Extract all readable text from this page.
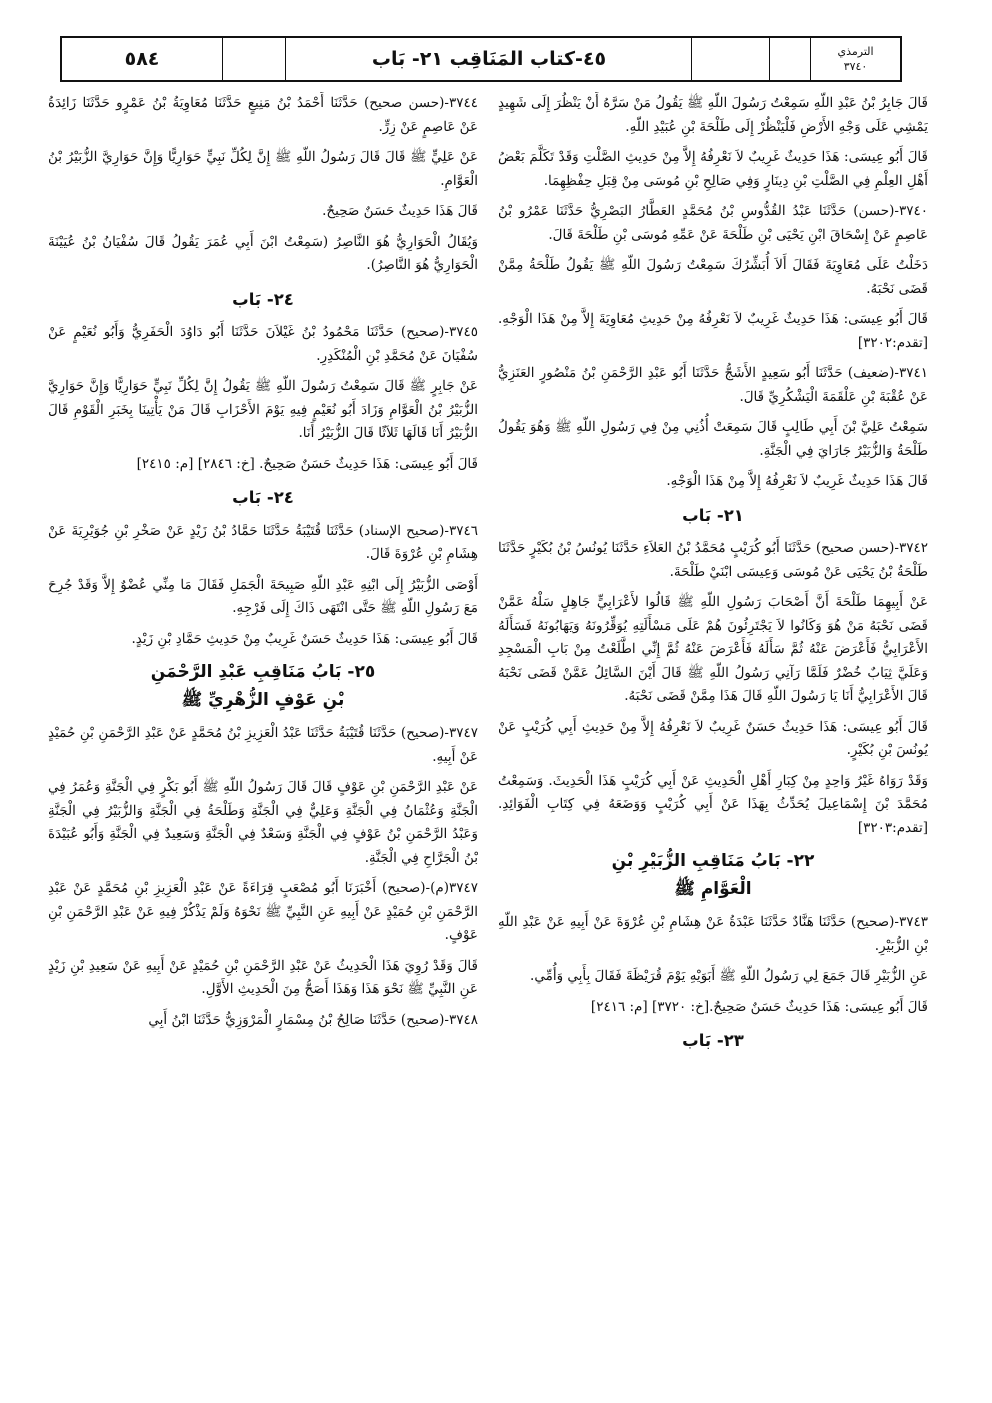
الترمذي
٣٧٤٠
٤٥-كتاب المَنَاقِب ٢١- بَاب
٥٨٤

قَالَ جَابِرُ بْنُ عَبْدِ اللّهِ سَمِعْتُ رَسُولَ اللّهِ ﷺ يَقُولُ مَنْ سَرَّهُ أَنْ يَنْظُرَ إِلَى شَهِيدٍ يَمْشِي عَلَى وَجْهِ الأَرْضِ فَلْيَنْظُرْ إِلَى طَلْحَةَ بْنِ عُبَيْدِ اللّهِ.

قَالَ أَبُو عِيسَى: هَذَا حَدِيثٌ غَرِيبٌ لاَ نَعْرِفُهُ إِلاَّ مِنْ حَدِيثِ الصَّلْتِ وَقَدْ تَكَلَّمَ بَعْضُ أَهْلِ العِلْمِ فِي الصَّلْتِ بْنِ دِينَارٍ وَفِي صَالِحِ بْنِ مُوسَى مِنْ قِبَلِ حِفْظِهِمَا.

٣٧٤٠-(حسن) حَدَّثَنَا عَبْدُ القُدُّوسِ بْنُ مُحَمَّدٍ العَطَّارُ البَصْرِيُّ حَدَّثَنَا عَمْرُو بْنُ عَاصِمٍ عَنْ إِسْحَاقَ ابْنِ يَحْيَى بْنِ طَلْحَةَ عَنْ عَمِّهِ مُوسَى بْنِ طَلْحَةَ قَالَ.

دَخَلْتُ عَلَى مُعَاوِيَةَ فَقَالَ أَلاَ أُبَشِّرُكَ سَمِعْتُ رَسُولَ اللّهِ ﷺ يَقُولُ طَلْحَةُ مِمَّنْ قَضَى نَحْبَهُ.

قَالَ أَبُو عِيسَى: هَذَا حَدِيثٌ غَرِيبٌ لاَ نَعْرِفُهُ مِنْ حَدِيثِ مُعَاوِيَةَ إِلاَّ مِنْ هَذَا الْوَجْهِ. [تقدم:٣٢٠٢]

٣٧٤١-(ضعيف) حَدَّثَنَا أَبُو سَعِيدٍ الأَشَجُّ حَدَّثَنَا أَبُو عَبْدِ الرَّحْمَنِ بْنُ مَنْصُورٍ العَنَزِيُّ عَنْ عُقْبَةَ بْنِ عَلْقَمَةَ الْيَشْكُرِيِّ قَالَ.

سَمِعْتُ عَلِيَّ بْنَ أَبِي طَالِبٍ قَالَ سَمِعَتْ أُذُنِي مِنْ فِي رَسُولِ اللّهِ ﷺ وَهُوَ يَقُولُ طَلْحَةُ وَالزُّبَيْرُ جَارَايَ فِي الْجَنَّةِ.

قَالَ هَذَا حَدِيثٌ غَرِيبٌ لاَ نَعْرِفُهُ إِلاَّ مِنْ هَذَا الْوَجْهِ.

٢١- بَاب

٣٧٤٢-(حسن صحيح) حَدَّثَنَا أَبُو كُرَيْبٍ مُحَمَّدُ بْنُ العَلاَءِ حَدَّثَنَا يُونُسُ بْنُ بُكَيْرٍ حَدَّثَنَا طَلْحَةُ بْنُ يَحْيَى عَنْ مُوسَى وَعِيسَى ابْنَيْ طَلْحَةَ.

عَنْ أَبِيهِمَا طَلْحَةَ أَنَّ أَصْحَابَ رَسُولِ اللّهِ ﷺ قَالُوا لأَعْرَابِيٍّ جَاهِلٍ سَلْهُ عَمَّنْ قَضَى نَحْبَهُ مَنْ هُوَ وَكَانُوا لاَ يَجْتَرِئُونَ هُمْ عَلَى مَسْأَلَتِهِ يُوَقِّرُونَهُ وَيَهَابُونَهُ فَسَأَلَهُ الأَعْرَابِيُّ فَأَعْرَضَ عَنْهُ ثُمَّ سَأَلَهُ فَأَعْرَضَ عَنْهُ ثُمَّ إِنِّي اطَّلَعْتُ مِنْ بَابِ الْمَسْجِدِ وَعَلَيَّ ثِيَابٌ خُضْرٌ فَلَمَّا رَآنِي رَسُولُ اللّهِ ﷺ قَالَ أَيْنَ السَّائِلُ عَمَّنْ قَضَى نَحْبَهُ قَالَ الأَعْرَابِيُّ أَنَا يَا رَسُولَ اللّهِ قَالَ هَذَا مِمَّنْ قَضَى نَحْبَهُ.

قَالَ أَبُو عِيسَى: هَذَا حَدِيثٌ حَسَنٌ غَرِيبٌ لاَ نَعْرِفُهُ إِلاَّ مِنْ حَدِيثِ أَبِي كُرَيْبٍ عَنْ يُونُسَ بْنِ بُكَيْرٍ.

وَقَدْ رَوَاهُ غَيْرُ وَاحِدٍ مِنْ كِبَارِ أَهْلِ الْحَدِيثِ عَنْ أَبِي كُرَيْبٍ هَذَا الْحَدِيثَ. وَسَمِعْتُ مُحَمَّدَ بْنَ إِسْمَاعِيلَ يُحَدِّثُ بِهَذَا عَنْ أَبِي كُرَيْبٍ وَوَضَعَهُ فِي كِتَابِ الْفَوَائِدِ. [تقدم:٣٢٠٣]

٢٢- بَابُ مَنَاقِبِ الزُّبَيْرِ بْنِ
الْعَوَّامِ ﷺ

٣٧٤٣-(صحيح) حَدَّثَنَا هَنَّادٌ حَدَّثَنَا عَبْدَةُ عَنْ هِشَامِ بْنِ عُرْوَةَ عَنْ أَبِيهِ عَنْ عَبْدِ اللّهِ بْنِ الزُّبَيْرِ.

عَنِ الزُّبَيْرِ قَالَ جَمَعَ لِي رَسُولُ اللّهِ ﷺ أَبَوَيْهِ يَوْمَ قُرَيْظَةَ فَقَالَ بِأَبِي وَأُمِّي.

قَالَ أَبُو عِيسَى: هَذَا حَدِيثٌ حَسَنٌ صَحِيحٌ.[خ: ٣٧٢٠] [م: ٢٤١٦]

٢٣- بَاب

٣٧٤٤-(حسن صحيح) حَدَّثَنَا أَحْمَدُ بْنُ مَنِيعٍ حَدَّثَنَا مُعَاوِيَةُ بْنُ عَمْرٍو حَدَّثَنَا زَائِدَةُ عَنْ عَاصِمٍ عَنْ زِرٍّ.

عَنْ عَلِيٍّ ﷺ قَالَ قَالَ رَسُولُ اللّهِ ﷺ إِنَّ لِكُلِّ نَبِيٍّ حَوَارِيًّا وَإِنَّ حَوَارِيَّ الزُّبَيْرُ بْنُ الْعَوَّامِ.

قَالَ هَذَا حَدِيثٌ حَسَنٌ صَحِيحٌ.

وَيُقَالُ الْحَوَارِيُّ هُوَ النَّاصِرُ (سَمِعْتُ ابْنَ أَبِي عُمَرَ يَقُولُ قَالَ سُفْيَانُ بْنُ عُيَيْنَةَ الْحَوَارِيُّ هُوَ النَّاصِرُ).

٢٤- بَاب

٣٧٤٥-(صحيح) حَدَّثَنَا مَحْمُودُ بْنُ غَيْلاَنَ حَدَّثَنَا أَبُو دَاوُدَ الْحَفَرِيُّ وَأَبُو نُعَيْمٍ عَنْ سُفْيَانَ عَنْ مُحَمَّدِ بْنِ الْمُنْكَدِرِ.

عَنْ جَابِرٍ ﷺ قَالَ سَمِعْتُ رَسُولَ اللّهِ ﷺ يَقُولُ إِنَّ لِكُلِّ نَبِيٍّ حَوَارِيًّا وَإِنَّ حَوَارِيَّ الزُّبَيْرُ بْنُ الْعَوَّامِ وَزَادَ أَبُو نُعَيْمٍ فِيهِ يَوْمَ الأَحْزَابِ قَالَ مَنْ يَأْتِينَا بِخَبَرِ الْقَوْمِ قَالَ الزُّبَيْرُ أَنَا قَالَهَا ثَلاَثًا قَالَ الزُّبَيْرُ أَنَا.

قَالَ أَبُو عِيسَى: هَذَا حَدِيثٌ حَسَنٌ صَحِيحٌ. [خ: ٢٨٤٦] [م: ٢٤١٥]

٢٤- بَاب

٣٧٤٦-(صحيح الإسناد) حَدَّثَنَا قُتَيْبَةُ حَدَّثَنَا حَمَّادُ بْنُ زَيْدٍ عَنْ صَخْرِ بْنِ جُوَيْرِيَةَ عَنْ هِشَامِ بْنِ عُرْوَةَ قَالَ.

أَوْصَى الزُّبَيْرُ إِلَى ابْنِهِ عَبْدِ اللّهِ صَبِيحَةَ الْجَمَلِ فَقَالَ مَا مِنِّي عُضْوٌ إِلاَّ وَقَدْ جُرِحَ مَعَ رَسُولِ اللّهِ ﷺ حَتَّى انْتَهَى ذَاكَ إِلَى فَرْجِهِ.

قَالَ أَبُو عِيسَى: هَذَا حَدِيثٌ حَسَنٌ غَرِيبٌ مِنْ حَدِيثِ حَمَّادِ بْنِ زَيْدٍ.

٢٥- بَابُ مَنَاقِبِ عَبْدِ الرَّحْمَنِ
بْنِ عَوْفٍ الزُّهْرِيِّ ﷺ

٣٧٤٧-(صحيح) حَدَّثَنَا قُتَيْبَةُ حَدَّثَنَا عَبْدُ الْعَزِيزِ بْنُ مُحَمَّدٍ عَنْ عَبْدِ الرَّحْمَنِ بْنِ حُمَيْدٍ عَنْ أَبِيهِ.

عَنْ عَبْدِ الرَّحْمَنِ بْنِ عَوْفٍ قَالَ قَالَ رَسُولُ اللّهِ ﷺ أَبُو بَكْرٍ فِي الْجَنَّةِ وَعُمَرُ فِي الْجَنَّةِ وَعُثْمَانُ فِي الْجَنَّةِ وَعَلِيٌّ فِي الْجَنَّةِ وَطَلْحَةُ فِي الْجَنَّةِ وَالزُّبَيْرُ فِي الْجَنَّةِ وَعَبْدُ الرَّحْمَنِ بْنُ عَوْفٍ فِي الْجَنَّةِ وَسَعْدٌ فِي الْجَنَّةِ وَسَعِيدٌ فِي الْجَنَّةِ وَأَبُو عُبَيْدَةَ بْنُ الْجَرَّاحِ فِي الْجَنَّةِ.

٣٧٤٧(م)-(صحيح) أَخْبَرَنَا أَبُو مُصْعَبٍ قِرَاءَةً عَنْ عَبْدِ الْعَزِيزِ بْنِ مُحَمَّدٍ عَنْ عَبْدِ الرَّحْمَنِ بْنِ حُمَيْدٍ عَنْ أَبِيهِ عَنِ النَّبِيِّ ﷺ نَحْوَهُ وَلَمْ يَذْكُرْ فِيهِ عَنْ عَبْدِ الرَّحْمَنِ بْنِ عَوْفٍ.

قَالَ وَقَدْ رُوِيَ هَذَا الْحَدِيثُ عَنْ عَبْدِ الرَّحْمَنِ بْنِ حُمَيْدٍ عَنْ أَبِيهِ عَنْ سَعِيدِ بْنِ زَيْدٍ عَنِ النَّبِيِّ ﷺ نَحْوَ هَذَا وَهَذَا أَصَحُّ مِنَ الْحَدِيثِ الأَوَّلِ.

٣٧٤٨-(صحيح) حَدَّثَنَا صَالِحُ بْنُ مِسْمَارٍ الْمَرْوَزِيُّ حَدَّثَنَا ابْنُ أَبِي
